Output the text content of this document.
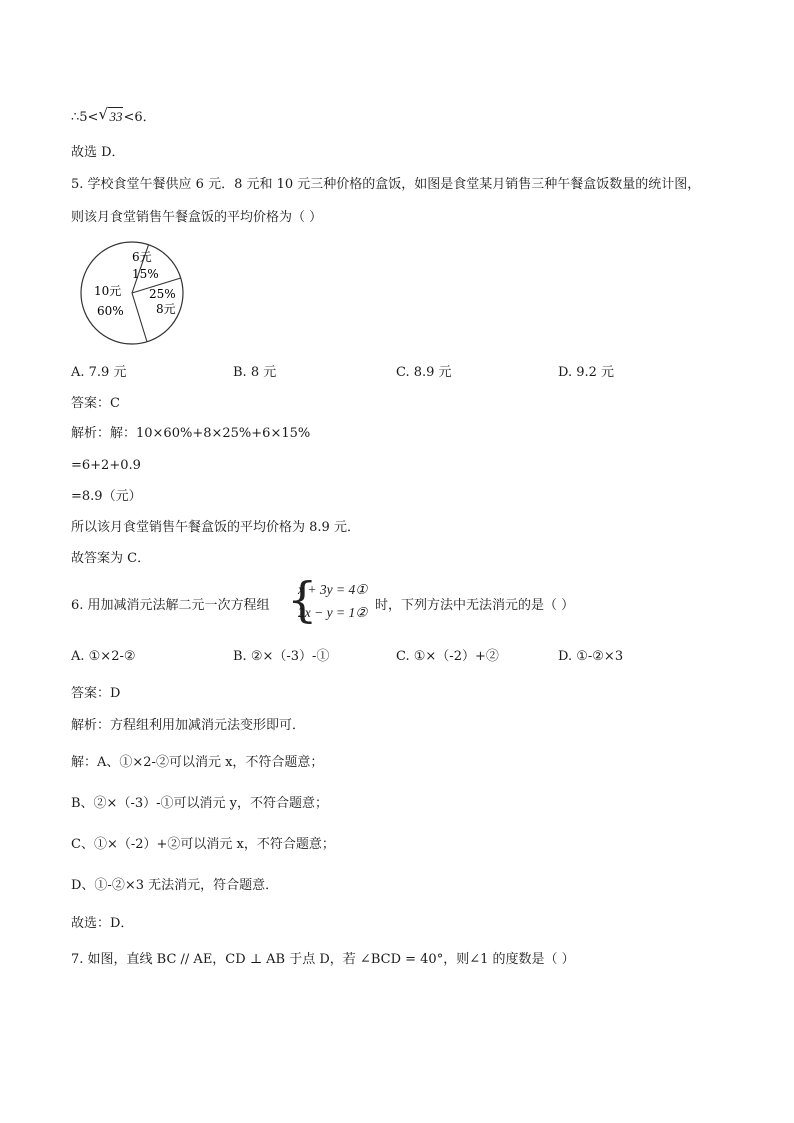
∴5< √ 33<6．
故选 D．
5. 学校食堂午餐供应 6 元．8 元和 10 元三种价格的盒饭，如图是食堂某月销售三种午餐盒饭数量的统计图，
则该月食堂销售午餐盒饭的平均价格为（ ）
6元
15%
25%
8元
10元
60%
A. 7.9 元	B. 8 元	C. 8.9 元	D. 9.2 元
答案：C
解析：解：10×60%+8×25%+6×15%
=6+2+0.9
=8.9（元）
所以该月食堂销售午餐盒饭的平均价格为 8.9 元．
故答案为 C．
6. 用加减消元法解二元一次方程组 {
x + 3y = 4①
2x − y = 1② 时，下列方法中无法消元的是（ ）
A. ①×2-②	B. ②×（-3）-①	C. ①×（-2）+②	D. ①-②×3
答案：D
解析：方程组利用加减消元法变形即可．
解：A、①×2-②可以消元 x，不符合题意；
B、②×（-3）-①可以消元 y，不符合题意；
C、①×（-2）+②可以消元 x，不符合题意；
D、①-②×3 无法消元，符合题意．
故选：D．
7. 如图，直线 BC // AE，CD ⊥ AB 于点 D，若 ∠BCD = 40°，则∠1 的度数是（ ）
